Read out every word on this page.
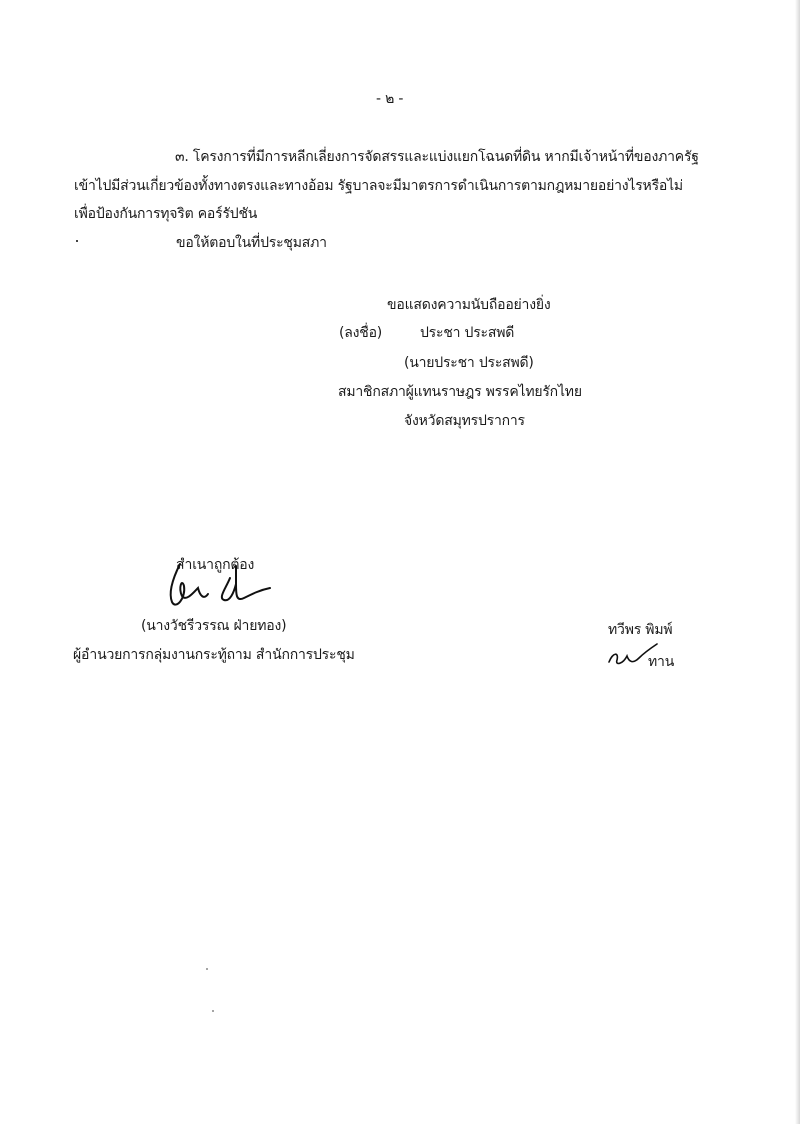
- ๒ -
๓. โครงการที่มีการหลีกเลี่ยงการจัดสรรและแบ่งแยกโฉนดที่ดิน หากมีเจ้าหน้าที่ของภาครัฐ
เข้าไปมีส่วนเกี่ยวข้องทั้งทางตรงและทางอ้อม รัฐบาลจะมีมาตรการดำเนินการตามกฎหมายอย่างไรหรือไม่
เพื่อป้องกันการทุจริต คอร์รัปชัน
ขอให้ตอบในที่ประชุมสภา
ขอแสดงความนับถืออย่างยิ่ง
(ลงชื่อ)	ประชา ประสพดี
(นายประชา ประสพดี)
สมาชิกสภาผู้แทนราษฎร พรรคไทยรักไทย
จังหวัดสมุทรปราการ
สำเนาถูกต้อง
(นางวัชรีวรรณ ฝ่ายทอง)
ผู้อำนวยการกลุ่มงานกระทู้ถาม สำนักการประชุม
ทวีพร พิมพ์
ทาน
